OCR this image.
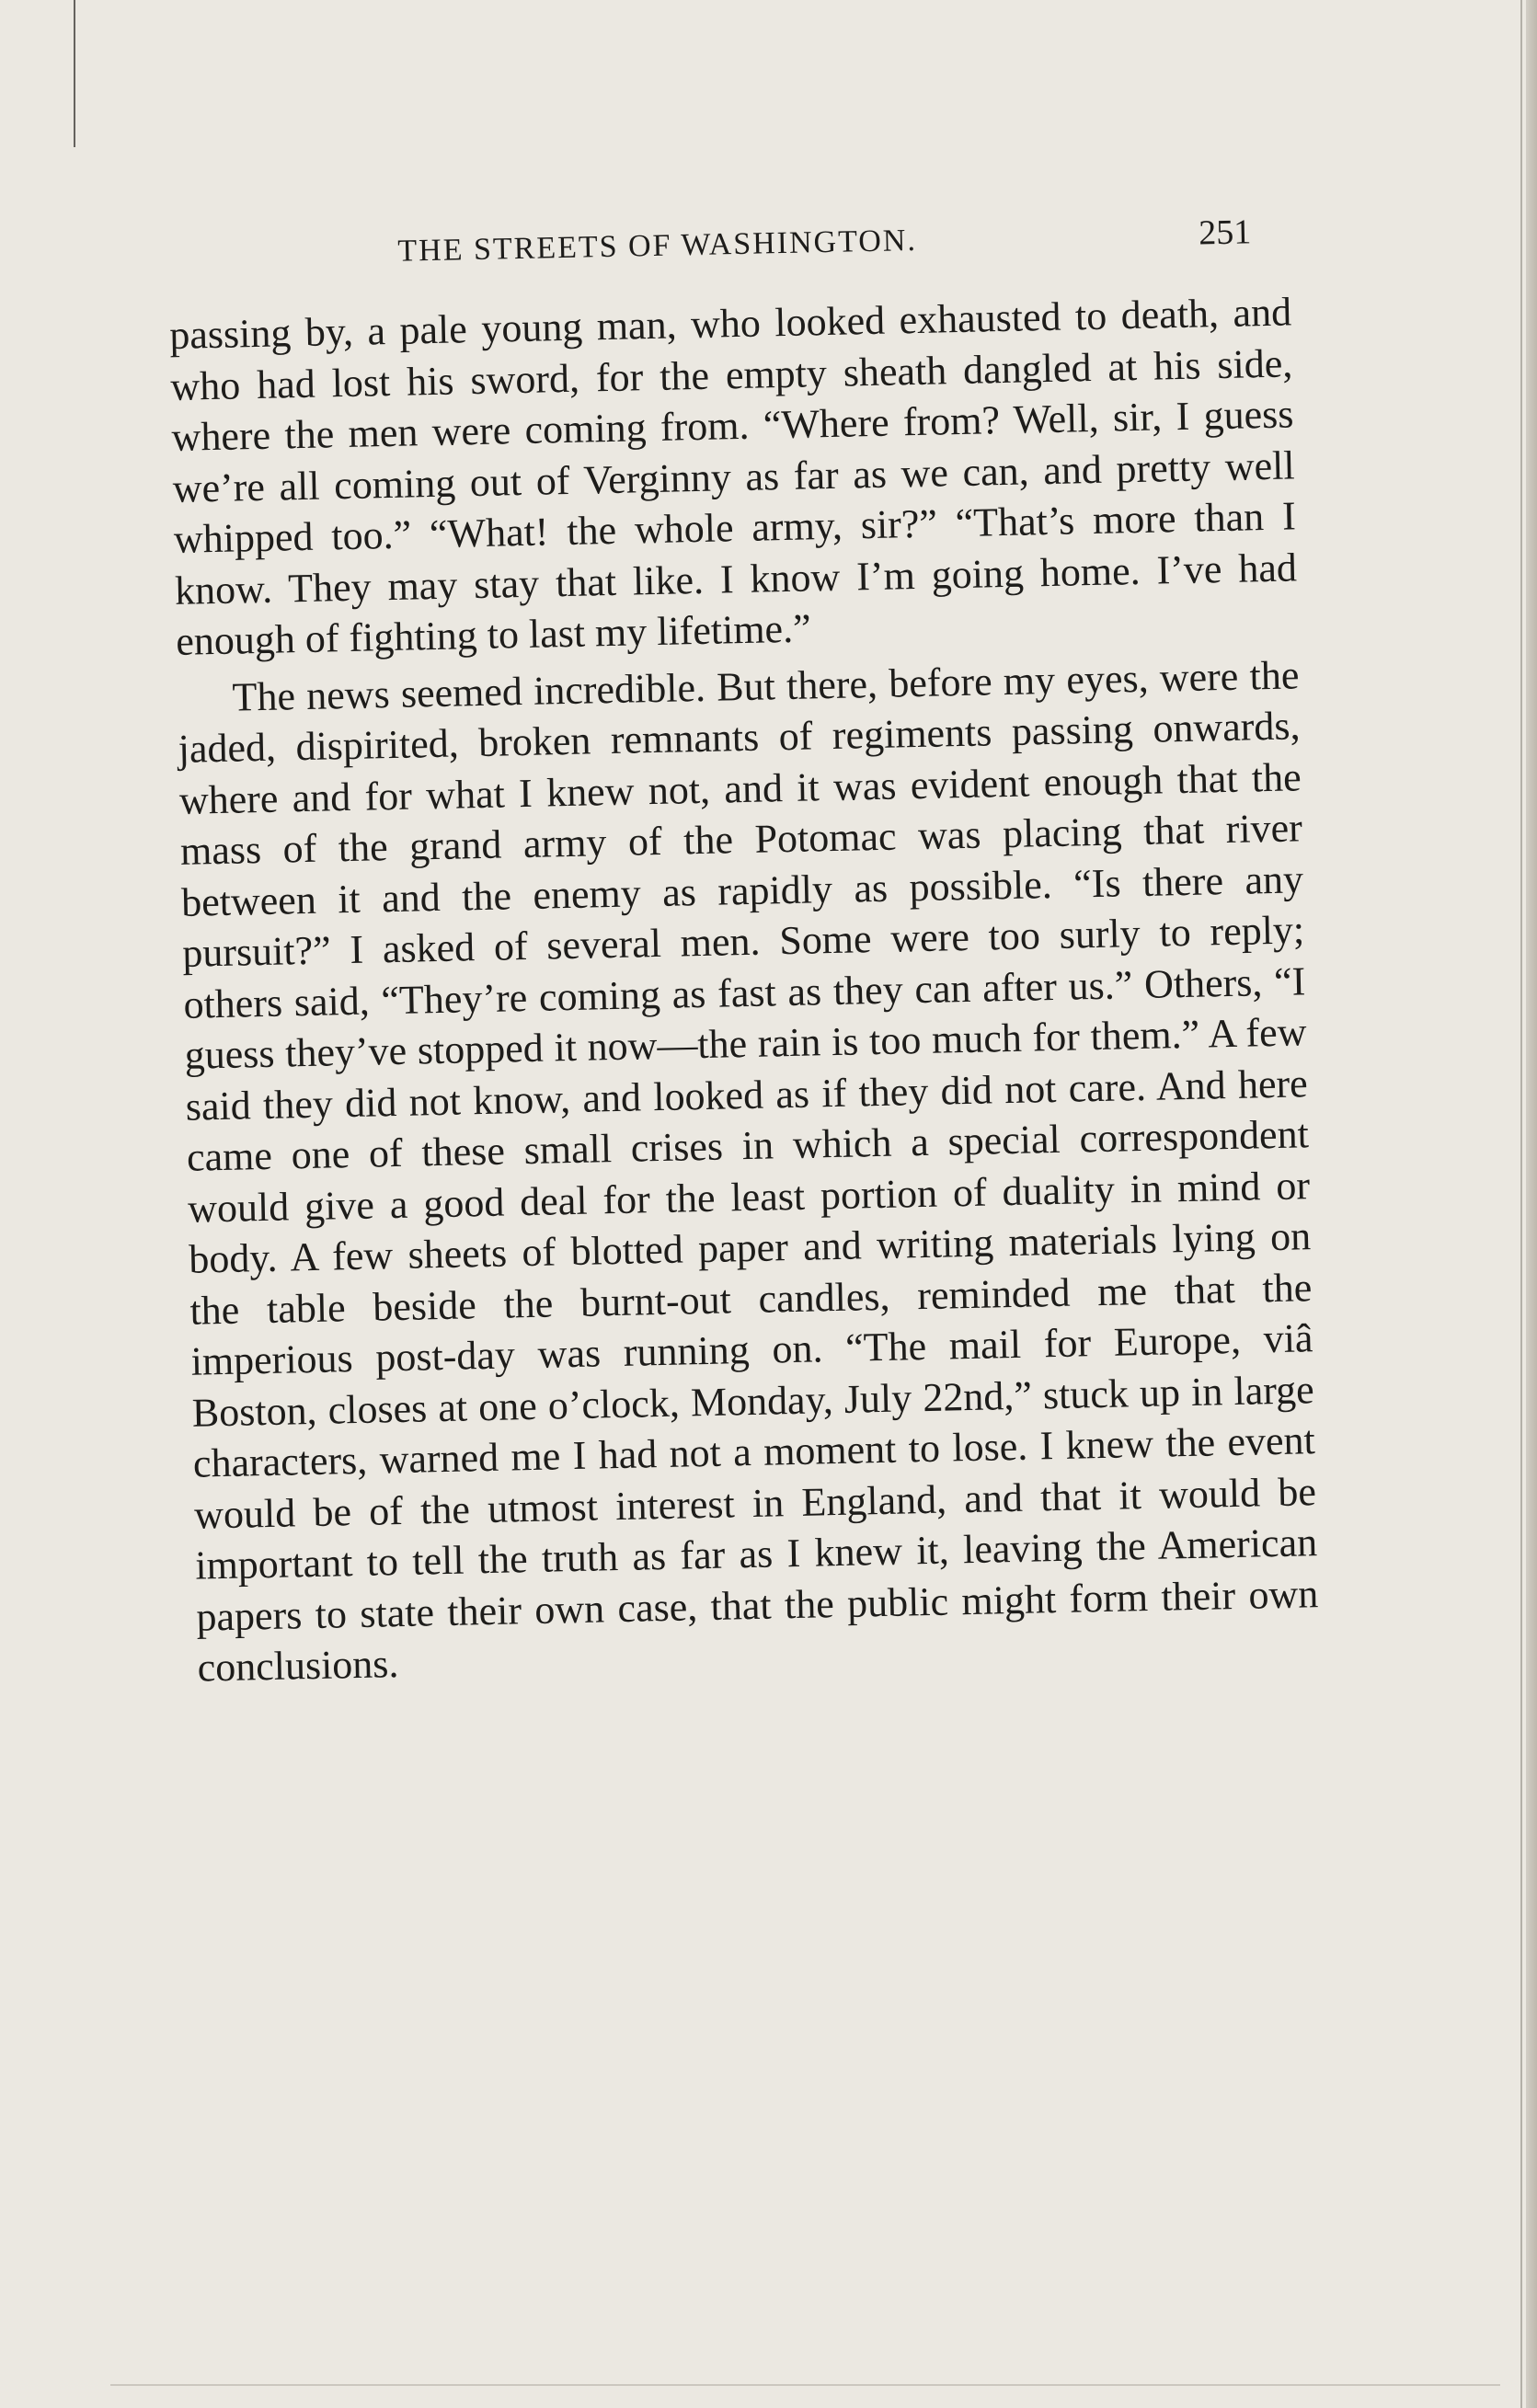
THE STREETS OF WASHINGTON.	251

passing by, a pale young man, who looked exhausted to death, and who had lost his sword, for the empty sheath dangled at his side, where the men were coming from. “Where from? Well, sir, I guess we’re all coming out of Verginny as far as we can, and pretty well whipped too.” “What! the whole army, sir?” “That’s more than I know. They may stay that like. I know I’m going home. I’ve had enough of fighting to last my lifetime.”

The news seemed incredible. But there, before my eyes, were the jaded, dispirited, broken remnants of regiments passing onwards, where and for what I knew not, and it was evident enough that the mass of the grand army of the Potomac was placing that river between it and the enemy as rapidly as possible. “Is there any pursuit?” I asked of several men. Some were too surly to reply; others said, “They’re coming as fast as they can after us.” Others, “I guess they’ve stopped it now—the rain is too much for them.” A few said they did not know, and looked as if they did not care. And here came one of these small crises in which a special correspondent would give a good deal for the least portion of duality in mind or body. A few sheets of blotted paper and writing materials lying on the table beside the burnt-out candles, reminded me that the imperious post-day was running on. “The mail for Europe, viâ Boston, closes at one o’clock, Monday, July 22nd,” stuck up in large characters, warned me I had not a moment to lose. I knew the event would be of the utmost interest in England, and that it would be important to tell the truth as far as I knew it, leaving the American papers to state their own case, that the public might form their own conclusions.
